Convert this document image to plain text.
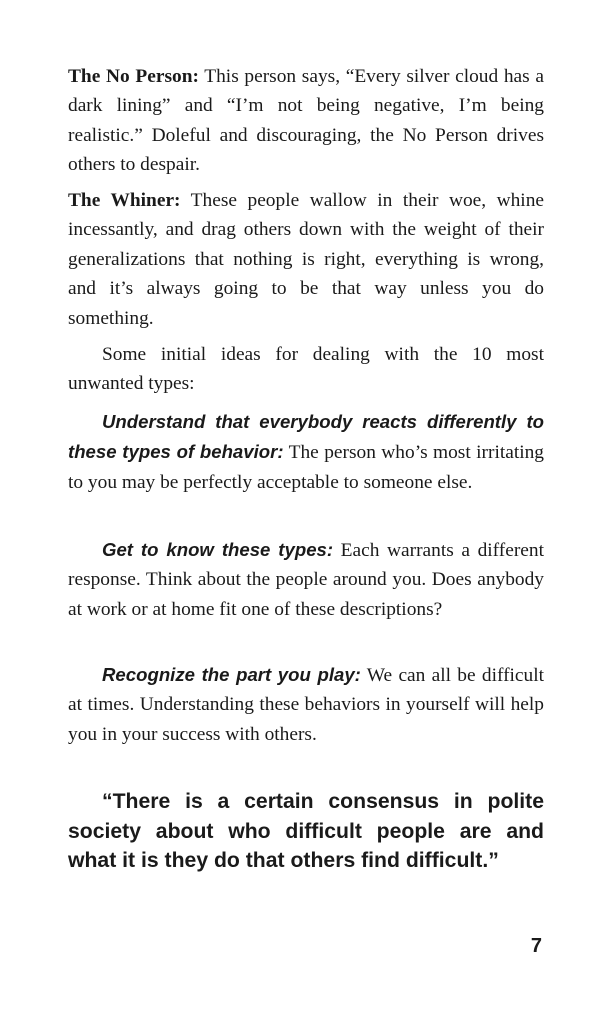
The No Person: This person says, “Every silver cloud has a dark lining” and “I’m not being negative, I’m being realistic.” Doleful and discouraging, the No Person drives others to despair.

The Whiner: These people wallow in their woe, whine incessantly, and drag others down with the weight of their generalizations that nothing is right, everything is wrong, and it’s always going to be that way unless you do something.

Some initial ideas for dealing with the 10 most unwanted types:

Understand that everybody reacts differently to these types of behavior: The person who’s most irritating to you may be perfectly acceptable to someone else.

Get to know these types: Each warrants a different response. Think about the people around you. Does anybody at work or at home fit one of these descriptions?

Recognize the part you play: We can all be difficult at times. Understanding these behaviors in yourself will help you in your success with others.

“There is a certain consensus in polite society about who difficult people are and what it is they do that others find difficult.”

7
